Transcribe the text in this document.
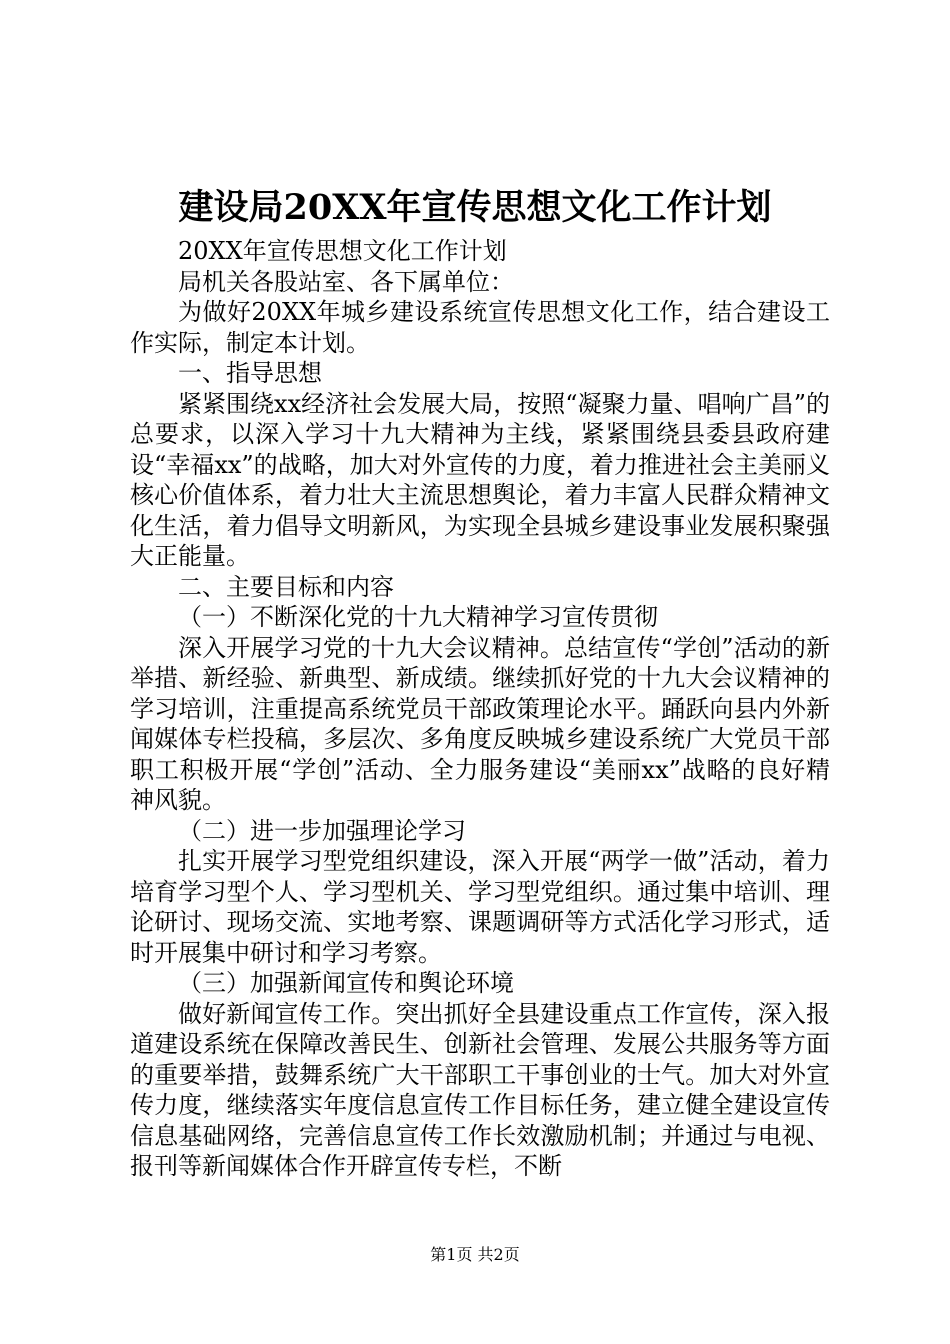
建设局20XX年宣传思想文化工作计划

20XX年宣传思想文化工作计划

局机关各股站室、各下属单位：

为做好20XX年城乡建设系统宣传思想文化工作，结合建设工作实际，制定本计划。

一、指导思想

紧紧围绕xx经济社会发展大局，按照“凝聚力量、唱响广昌”的总要求，以深入学习十九大精神为主线，紧紧围绕县委县政府建设“幸福xx”的战略，加大对外宣传的力度，着力推进社会主美丽义核心价值体系，着力壮大主流思想舆论，着力丰富人民群众精神文化生活，着力倡导文明新风，为实现全县城乡建设事业发展积聚强大正能量。

二、主要目标和内容

（一）不断深化党的十九大精神学习宣传贯彻

深入开展学习党的十九大会议精神。总结宣传“学创”活动的新举措、新经验、新典型、新成绩。继续抓好党的十九大会议精神的学习培训，注重提高系统党员干部政策理论水平。踊跃向县内外新闻媒体专栏投稿，多层次、多角度反映城乡建设系统广大党员干部职工积极开展“学创”活动、全力服务建设“美丽xx”战略的良好精神风貌。

（二）进一步加强理论学习

扎实开展学习型党组织建设，深入开展“两学一做”活动，着力培育学习型个人、学习型机关、学习型党组织。通过集中培训、理论研讨、现场交流、实地考察、课题调研等方式活化学习形式，适时开展集中研讨和学习考察。

（三）加强新闻宣传和舆论环境

做好新闻宣传工作。突出抓好全县建设重点工作宣传，深入报道建设系统在保障改善民生、创新社会管理、发展公共服务等方面的重要举措，鼓舞系统广大干部职工干事创业的士气。加大对外宣传力度，继续落实年度信息宣传工作目标任务，建立健全建设宣传信息基础网络，完善信息宣传工作长效激励机制；并通过与电视、报刊等新闻媒体合作开辟宣传专栏，不断

第1页 共2页
